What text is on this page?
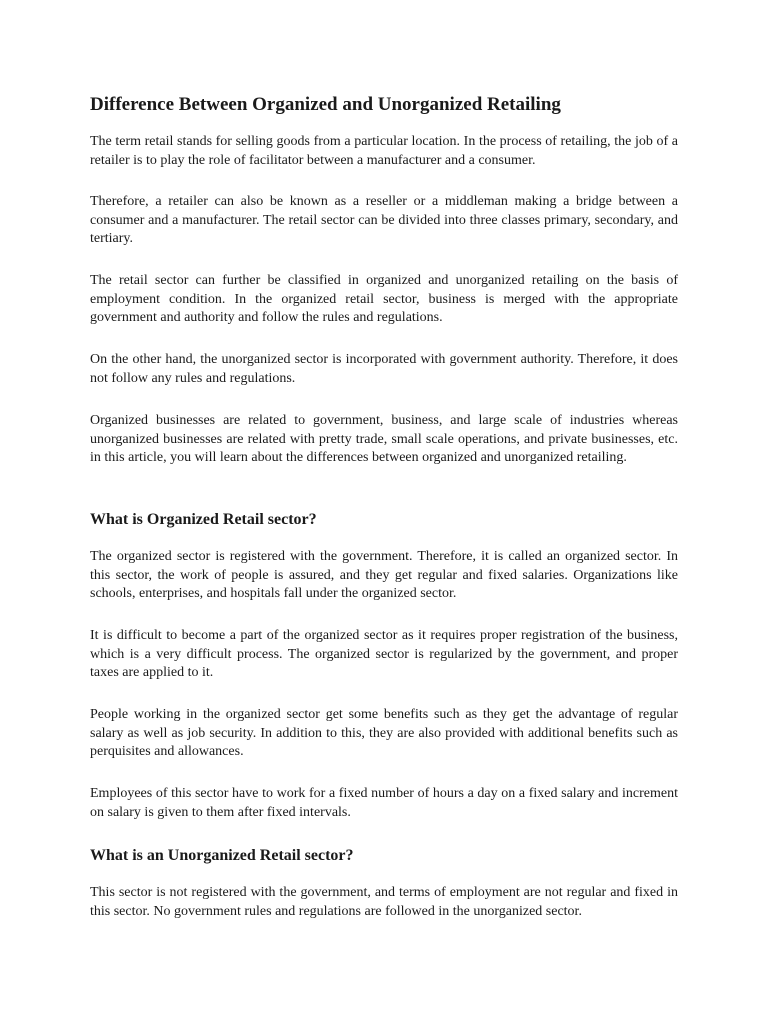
Difference Between Organized and Unorganized Retailing

The term retail stands for selling goods from a particular location. In the process of retailing, the job of a retailer is to play the role of facilitator between a manufacturer and a consumer.

Therefore, a retailer can also be known as a reseller or a middleman making a bridge between a consumer and a manufacturer. The retail sector can be divided into three classes primary, secondary, and tertiary.

The retail sector can further be classified in organized and unorganized retailing on the basis of employment condition. In the organized retail sector, business is merged with the appropriate government and authority and follow the rules and regulations.

On the other hand, the unorganized sector is incorporated with government authority. Therefore, it does not follow any rules and regulations.

Organized businesses are related to government, business, and large scale of industries whereas unorganized businesses are related with pretty trade, small scale operations, and private businesses, etc. in this article, you will learn about the differences between organized and unorganized retailing.

What is Organized Retail sector?

The organized sector is registered with the government. Therefore, it is called an organized sector. In this sector, the work of people is assured, and they get regular and fixed salaries. Organizations like schools, enterprises, and hospitals fall under the organized sector.

It is difficult to become a part of the organized sector as it requires proper registration of the business, which is a very difficult process. The organized sector is regularized by the government, and proper taxes are applied to it.

People working in the organized sector get some benefits such as they get the advantage of regular salary as well as job security. In addition to this, they are also provided with additional benefits such as perquisites and allowances.

Employees of this sector have to work for a fixed number of hours a day on a fixed salary and increment on salary is given to them after fixed intervals.

What is an Unorganized Retail sector?

This sector is not registered with the government, and terms of employment are not regular and fixed in this sector. No government rules and regulations are followed in the unorganized sector.
